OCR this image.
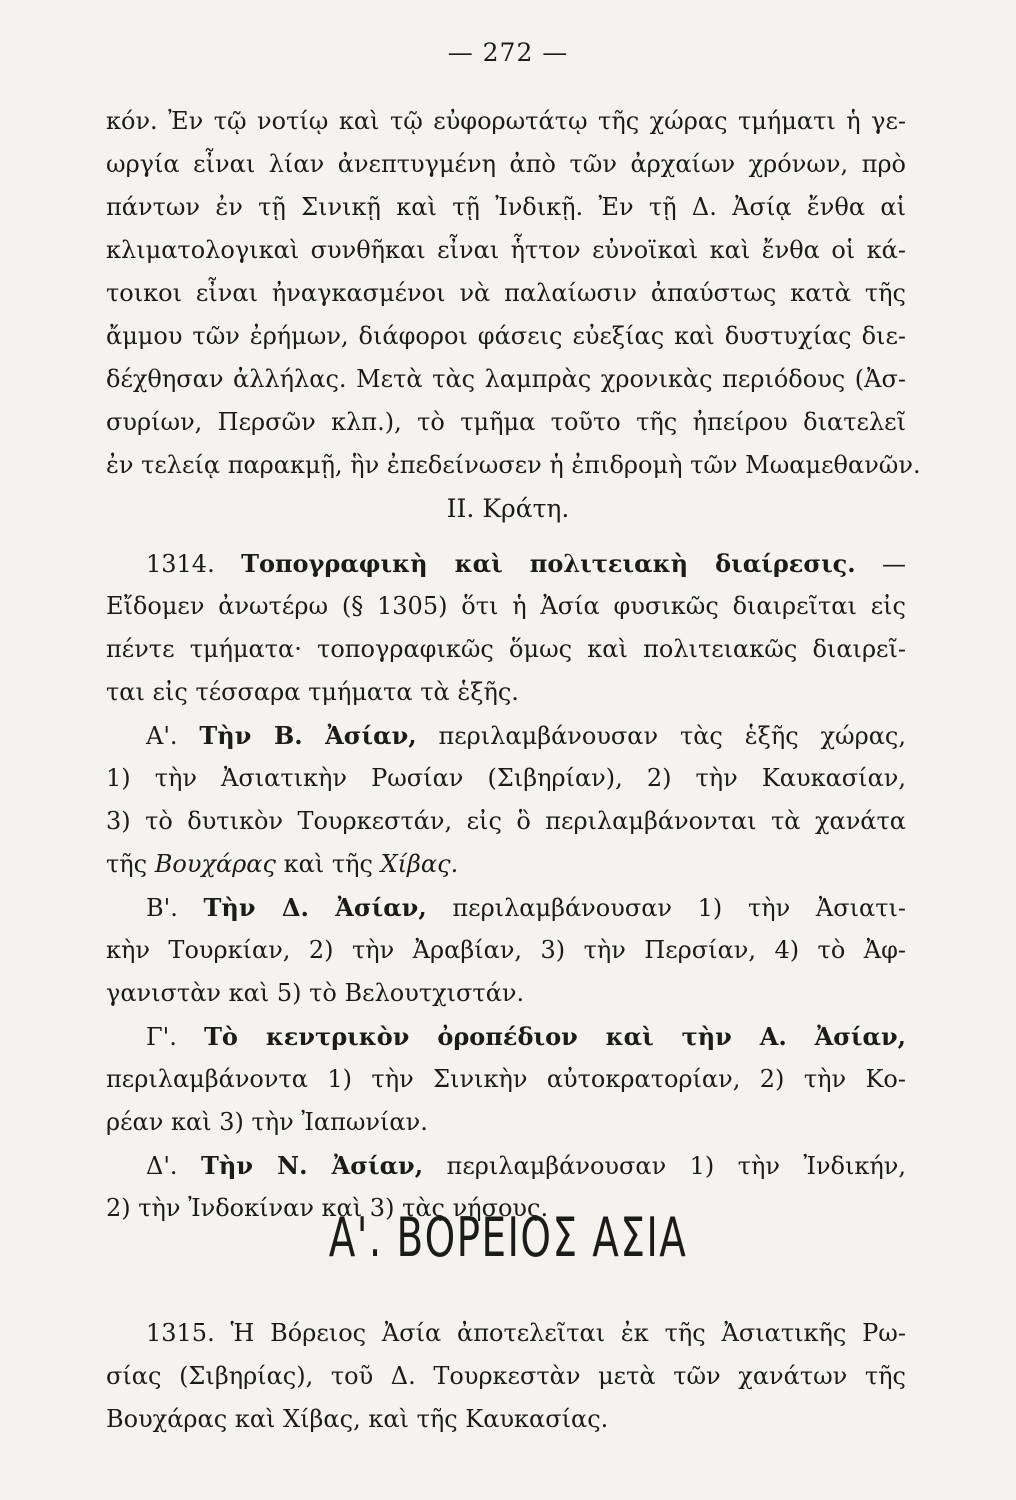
— 272 —
κόν. Ἐν τῷ νοτίῳ καὶ τῷ εὐφορωτάτῳ τῆς χώρας τμήματι ἡ γε-
ωργία εἶναι λίαν ἀνεπτυγμένη ἀπὸ τῶν ἀρχαίων χρόνων, πρὸ
πάντων ἐν τῇ Σινικῇ καὶ τῇ Ἰνδικῇ. Ἐν τῇ Δ. Ἀσίᾳ ἔνθα αἱ
κλιματολογικαὶ συνθῆκαι εἶναι ἧττον εὐνοϊκαὶ καὶ ἔνθα οἱ κά-
τοικοι εἶναι ἠναγκασμένοι νὰ παλαίωσιν ἀπαύστως κατὰ τῆς
ἄμμου τῶν ἐρήμων, διάφοροι φάσεις εὐεξίας καὶ δυστυχίας διε-
δέχθησαν ἀλλήλας. Μετὰ τὰς λαμπρὰς χρονικὰς περιόδους (Ἀσ-
συρίων, Περσῶν κλπ.), τὸ τμῆμα τοῦτο τῆς ἠπείρου διατελεῖ
ἐν τελείᾳ παρακμῇ, ἣν ἐπεδείνωσεν ἡ ἐπιδρομὴ τῶν Μωαμεθανῶν.
II. Κράτη.
1314. Τοπογραφικὴ καὶ πολιτειακὴ διαίρεσις. —
Εἴδομεν ἀνωτέρω (§ 1305) ὅτι ἡ Ἀσία φυσικῶς διαιρεῖται εἰς
πέντε τμήματα· τοπογραφικῶς ὅμως καὶ πολιτειακῶς διαιρεῖ-
ται εἰς τέσσαρα τμήματα τὰ ἑξῆς.
Α'. Τὴν Β. Ἀσίαν, περιλαμβάνουσαν τὰς ἑξῆς χώρας,
1) τὴν Ἀσιατικὴν Ρωσίαν (Σιβηρίαν), 2) τὴν Καυκασίαν,
3) τὸ δυτικὸν Τουρκεστάν, εἰς ὃ περιλαμβάνονται τὰ χανάτα
τῆς Βουχάρας καὶ τῆς Χίβας.
Β'. Τὴν Δ. Ἀσίαν, περιλαμβάνουσαν 1) τὴν Ἀσιατι-
κὴν Τουρκίαν, 2) τὴν Ἀραβίαν, 3) τὴν Περσίαν, 4) τὸ Ἀφ-
γανιστὰν καὶ 5) τὸ Βελουτχιστάν.
Γ'. Τὸ κεντρικὸν ὀροπέδιον καὶ τὴν Α. Ἀσίαν,
περιλαμβάνοντα 1) τὴν Σινικὴν αὐτοκρατορίαν, 2) τὴν Κο-
ρέαν καὶ 3) τὴν Ἰαπωνίαν.
Δ'. Τὴν Ν. Ἀσίαν, περιλαμβάνουσαν 1) τὴν Ἰνδικήν,
2) τὴν Ἰνδοκίναν καὶ 3) τὰς νήσους.
Α'. ΒΟΡΕΙΟΣ ΑΣΙΑ
1315. Ἡ Βόρειος Ἀσία ἀποτελεῖται ἐκ τῆς Ἀσιατικῆς Ρω-
σίας (Σιβηρίας), τοῦ Δ. Τουρκεστὰν μετὰ τῶν χανάτων τῆς
Βουχάρας καὶ Χίβας, καὶ τῆς Καυκασίας.
